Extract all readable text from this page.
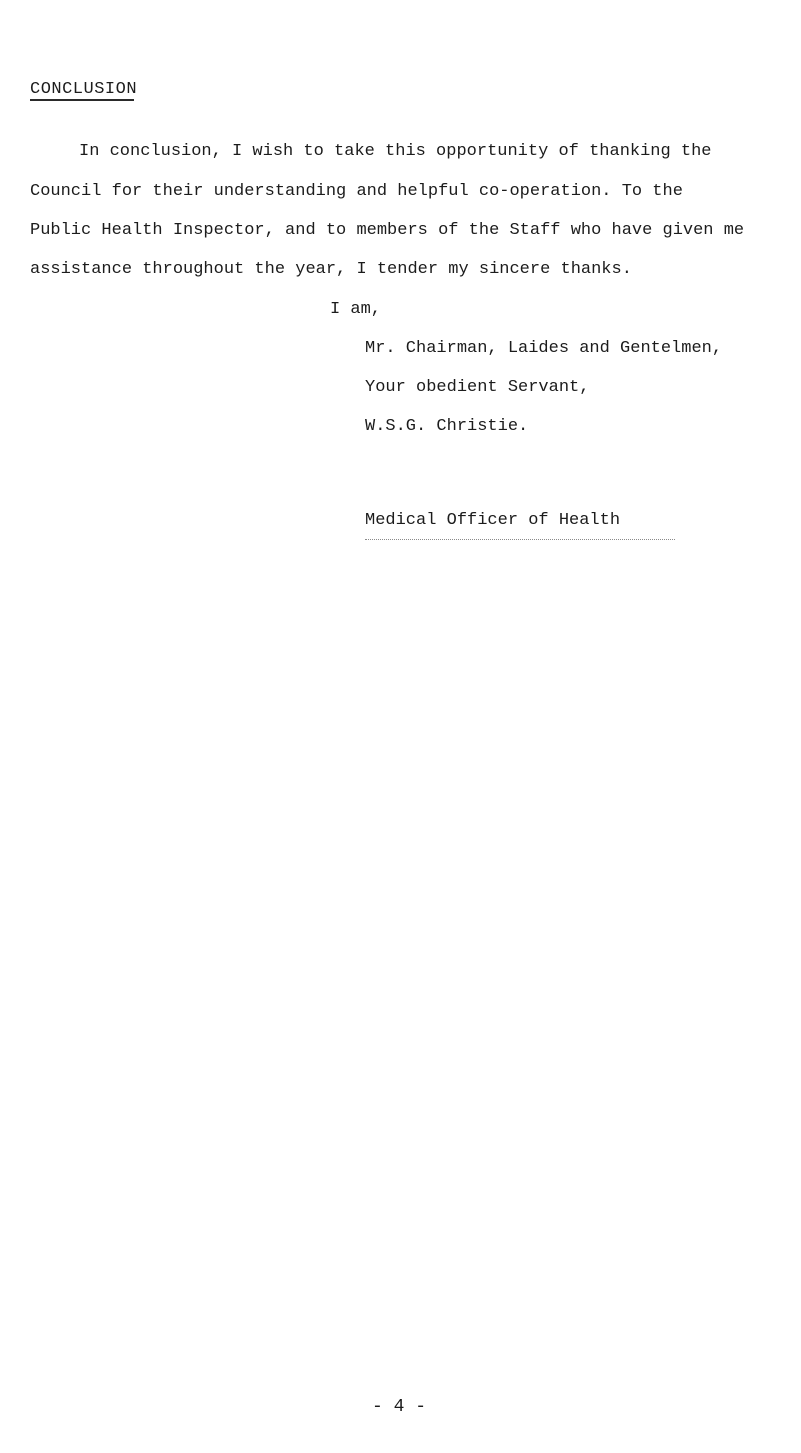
CONCLUSION

In conclusion, I wish to take this opportunity of thanking the

Council for their understanding and helpful co-operation. To the

Public Health Inspector, and to members of the Staff who have given me

assistance throughout the year, I tender my sincere thanks.

I am,

Mr. Chairman, Laides and Gentelmen,

Your obedient Servant,

W.S.G. Christie.

Medical Officer of Health

- 4 -
